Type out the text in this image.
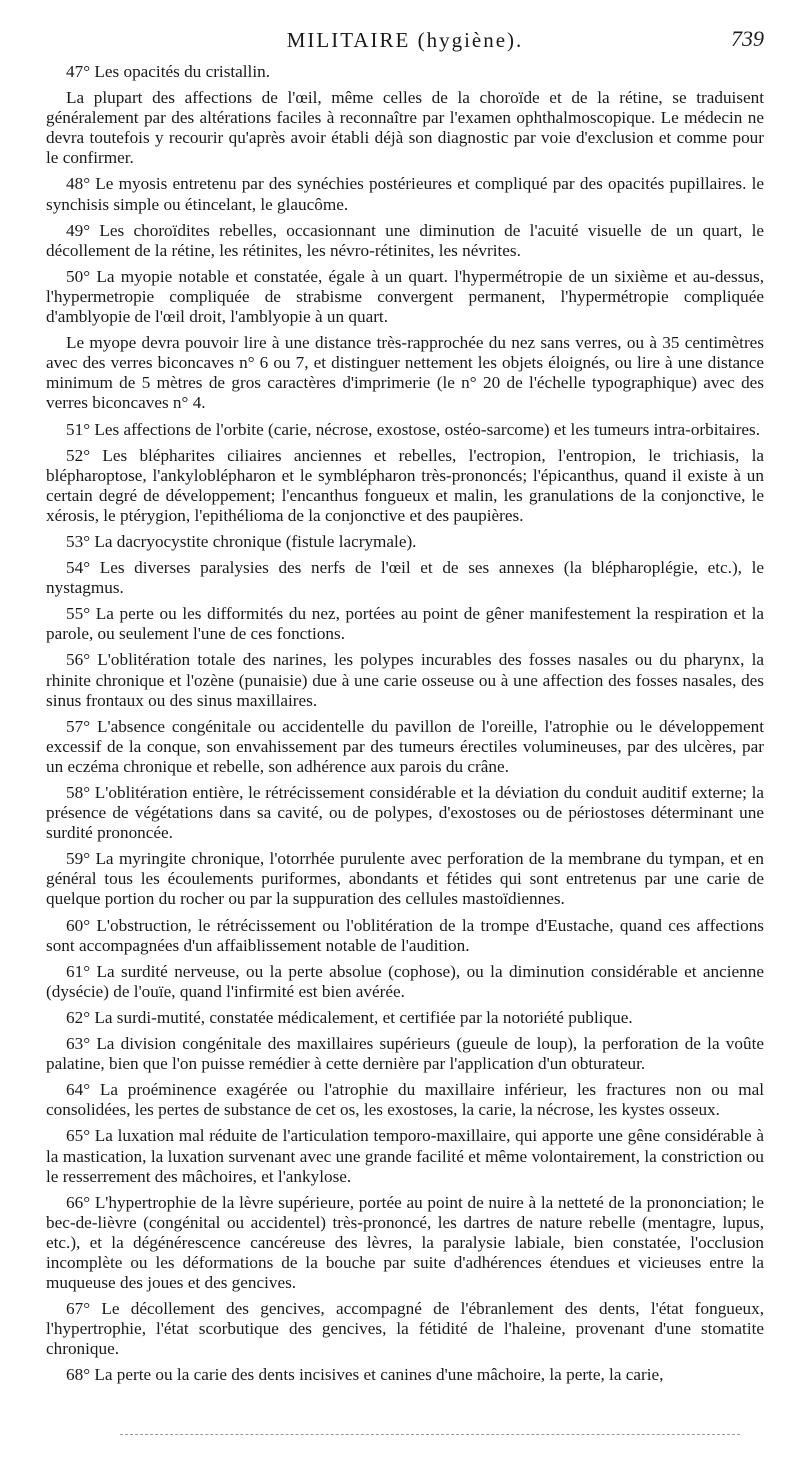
MILITAIRE (hygiène).	739

47° Les opacités du cristallin.

La plupart des affections de l'œil, même celles de la choroïde et de la rétine, se traduisent généralement par des altérations faciles à reconnaître par l'examen ophthalmoscopique. Le médecin ne devra toutefois y recourir qu'après avoir établi déjà son diagnostic par voie d'exclusion et comme pour le confirmer.

48° Le myosis entretenu par des synéchies postérieures et compliqué par des opacités pupillaires. le synchisis simple ou étincelant, le glaucôme.

49° Les choroïdites rebelles, occasionnant une diminution de l'acuité visuelle de un quart, le décollement de la rétine, les rétinites, les névro-rétinites, les névrites.

50° La myopie notable et constatée, égale à un quart. l'hypermétropie de un sixième et au-dessus, l'hypermetropie compliquée de strabisme convergent permanent, l'hypermétropie compliquée d'amblyopie de l'œil droit, l'amblyopie à un quart.

Le myope devra pouvoir lire à une distance très-rapprochée du nez sans verres, ou à 35 centimètres avec des verres biconcaves n° 6 ou 7, et distinguer nettement les objets éloignés, ou lire à une distance minimum de 5 mètres de gros caractères d'imprimerie (le n° 20 de l'échelle typographique) avec des verres biconcaves n° 4.

51° Les affections de l'orbite (carie, nécrose, exostose, ostéo-sarcome) et les tumeurs intra-orbitaires.

52° Les blépharites ciliaires anciennes et rebelles, l'ectropion, l'entropion, le trichiasis, la blépharoptose, l'ankyloblépharon et le symblépharon très-prononcés; l'épicanthus, quand il existe à un certain degré de développement; l'encanthus fongueux et malin, les granulations de la conjonctive, le xérosis, le ptérygion, l'epithélioma de la conjonctive et des paupières.

53° La dacryocystite chronique (fistule lacrymale).

54° Les diverses paralysies des nerfs de l'œil et de ses annexes (la blépharoplégie, etc.), le nystagmus.

55° La perte ou les difformités du nez, portées au point de gêner manifestement la respiration et la parole, ou seulement l'une de ces fonctions.

56° L'oblitération totale des narines, les polypes incurables des fosses nasales ou du pharynx, la rhinite chronique et l'ozène (punaisie) due à une carie osseuse ou à une affection des fosses nasales, des sinus frontaux ou des sinus maxillaires.

57° L'absence congénitale ou accidentelle du pavillon de l'oreille, l'atrophie ou le développement excessif de la conque, son envahissement par des tumeurs érectiles volumineuses, par des ulcères, par un eczéma chronique et rebelle, son adhérence aux parois du crâne.

58° L'oblitération entière, le rétrécissement considérable et la déviation du conduit auditif externe; la présence de végétations dans sa cavité, ou de polypes, d'exostoses ou de périostoses déterminant une surdité prononcée.

59° La myringite chronique, l'otorrhée purulente avec perforation de la membrane du tympan, et en général tous les écoulements puriformes, abondants et fétides qui sont entretenus par une carie de quelque portion du rocher ou par la suppuration des cellules mastoïdiennes.

60° L'obstruction, le rétrécissement ou l'oblitération de la trompe d'Eustache, quand ces affections sont accompagnées d'un affaiblissement notable de l'audition.

61° La surdité nerveuse, ou la perte absolue (cophose), ou la diminution considérable et ancienne (dysécie) de l'ouïe, quand l'infirmité est bien avérée.

62° La surdi-mutité, constatée médicalement, et certifiée par la notoriété publique.

63° La division congénitale des maxillaires supérieurs (gueule de loup), la perforation de la voûte palatine, bien que l'on puisse remédier à cette dernière par l'application d'un obturateur.

64° La proéminence exagérée ou l'atrophie du maxillaire inférieur, les fractures non ou mal consolidées, les pertes de substance de cet os, les exostoses, la carie, la nécrose, les kystes osseux.

65° La luxation mal réduite de l'articulation temporo-maxillaire, qui apporte une gêne considérable à la mastication, la luxation survenant avec une grande facilité et même volontairement, la constriction ou le resserrement des mâchoires, et l'ankylose.

66° L'hypertrophie de la lèvre supérieure, portée au point de nuire à la netteté de la prononciation; le bec-de-lièvre (congénital ou accidentel) très-prononcé, les dartres de nature rebelle (mentagre, lupus, etc.), et la dégénérescence cancéreuse des lèvres, la paralysie labiale, bien constatée, l'occlusion incomplète ou les déformations de la bouche par suite d'adhérences étendues et vicieuses entre la muqueuse des joues et des gencives.

67° Le décollement des gencives, accompagné de l'ébranlement des dents, l'état fongueux, l'hypertrophie, l'état scorbutique des gencives, la fétidité de l'haleine, provenant d'une stomatite chronique.

68° La perte ou la carie des dents incisives et canines d'une mâchoire, la perte, la carie,
